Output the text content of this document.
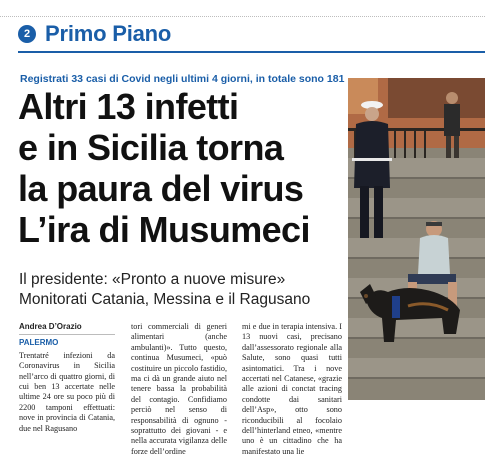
2 Primo Piano
Registrati 33 casi di Covid negli ultimi 4 giorni, in totale sono 181
Altri 13 infetti
e in Sicilia torna
la paura del virus
L’ira di Musumeci
Il presidente: «Pronto a nuove misure»
Monitorati Catania, Messina e il Ragusano
Andrea D’Orazio
PALERMO
Trentatré infezioni da Coronavirus in Sicilia nell’arco di quattro giorni, di cui ben 13 accertate nelle ultime 24 ore su poco più di 2200 tamponi effettuati: nove in provincia di Catania, due nel Ragusano
tori commerciali di generi alimentari (anche ambulanti)». Tutto questo, continua Musumeci, «può costituire un piccolo fastidio, ma ci dà un grande aiuto nel tenere bassa la probabilità del contagio. Confidiamo perciò nel senso di responsabilità di ognuno - soprattutto dei giovani - e nella accurata vigilanza delle forze dell’ordine
mi e due in terapia intensiva. I 13 nuovi casi, precisano dall’assessorato regionale alla Salute, sono quasi tutti asintomatici. Tra i nove accertati nel Catanese, «grazie alle azioni di conctat tracing condotte dai sanitari dell’Asp», otto sono riconducibili al focolaio dell’hinterland etneo, «mentre uno è un cittadino che ha manifestato una lie
